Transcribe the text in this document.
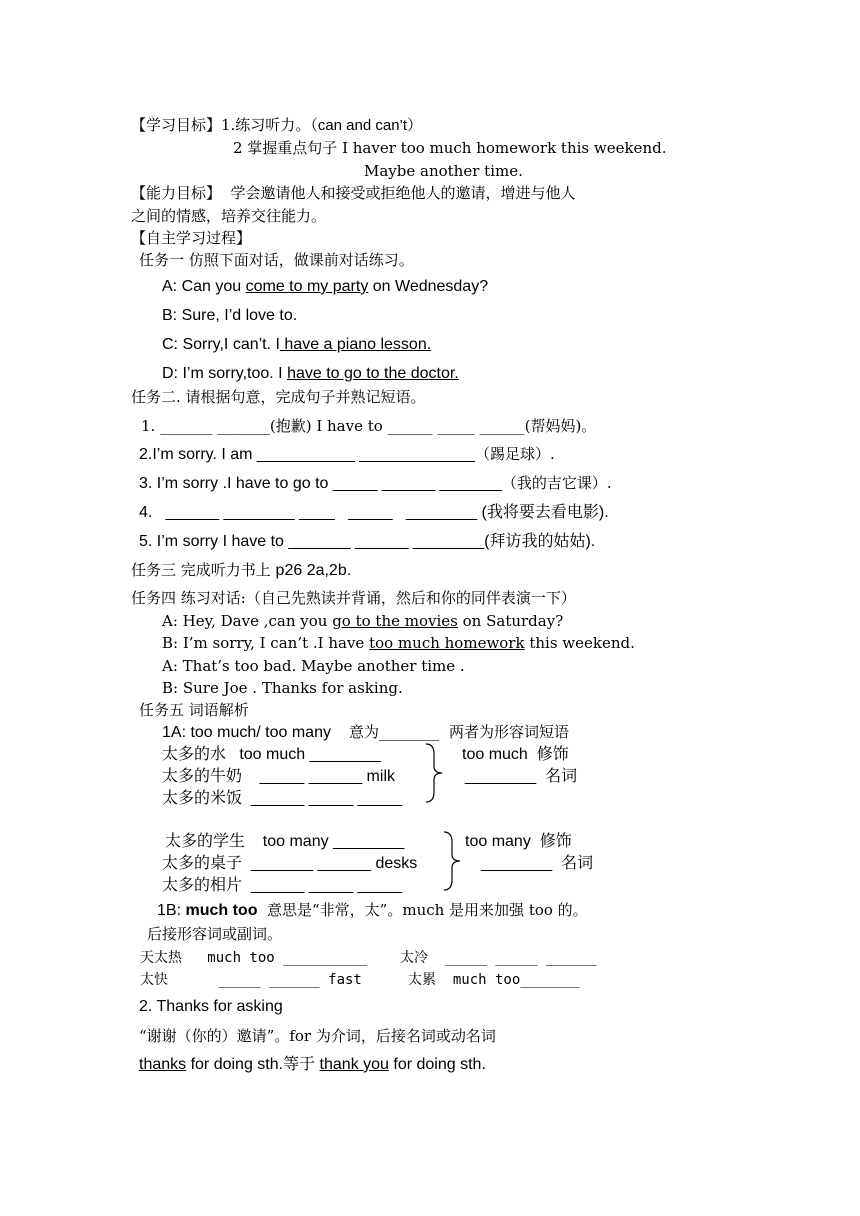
【学习目标】1.练习听力。（can and can’t）
2 掌握重点句子 I haver too much homework this weekend.
Maybe another time.
【能力目标】  学会邀请他人和接受或拒绝他人的邀请，增进与他人
之间的情感，培养交往能力。
【自主学习过程】
任务一 仿照下面对话，做课前对话练习。
A: Can you come to my party on Wednesday?
B: Sure, I’d love to.
C: Sorry,I can’t. I have a piano lesson.
D: I’m sorry,too. I have to go to the doctor.
任务二. 请根据句意，完成句子并熟记短语。
1. _______ _______(抱歉) I have to ______ _____ ______(帮妈妈)。
2.I’m sorry. I am ___________ _____________（踢足球）.
3. I’m sorry .I have to go to _____ ______ _______（我的吉它课）.
4.   ______ ________ ____   _____   ________ (我将要去看电影).
5. I’m sorry I have to _______ ______ ________(拜访我的姑姑).
任务三 完成听力书上 p26 2a,2b.
任务四 练习对话:（自己先熟读并背诵，然后和你的同伴表演一下）
A: Hey, Dave ,can you go to the movies on Saturday?
B: I’m sorry, I can’t .I have too much homework this weekend.
A: That’s too bad. Maybe another time .
B: Sure Joe . Thanks for asking.
任务五 词语解析
1A: too much/ too many 意为________ 两者为形容词短语
太多的水   too much ________	too much  修饰
太多的牛奶    _____ ______ milk	________  名词
太多的米饭  ______ _____ _____
太多的学生    too many ________	too many  修饰
太多的桌子  _______ ______ desks	________  名词
太多的相片  ______ _____ _____
1B: much too  意思是“非常，太”。much 是用来加强 too 的。
后接形容词或副词。
天太热   much too __________ 太冷  _____ _____ ______
太快      _____ ______ fast	太累  much too_______
2. Thanks for asking
“谢谢（你的）邀请”。for 为介词，后接名词或动名词
thanks for doing sth.等于 thank you for doing sth.
